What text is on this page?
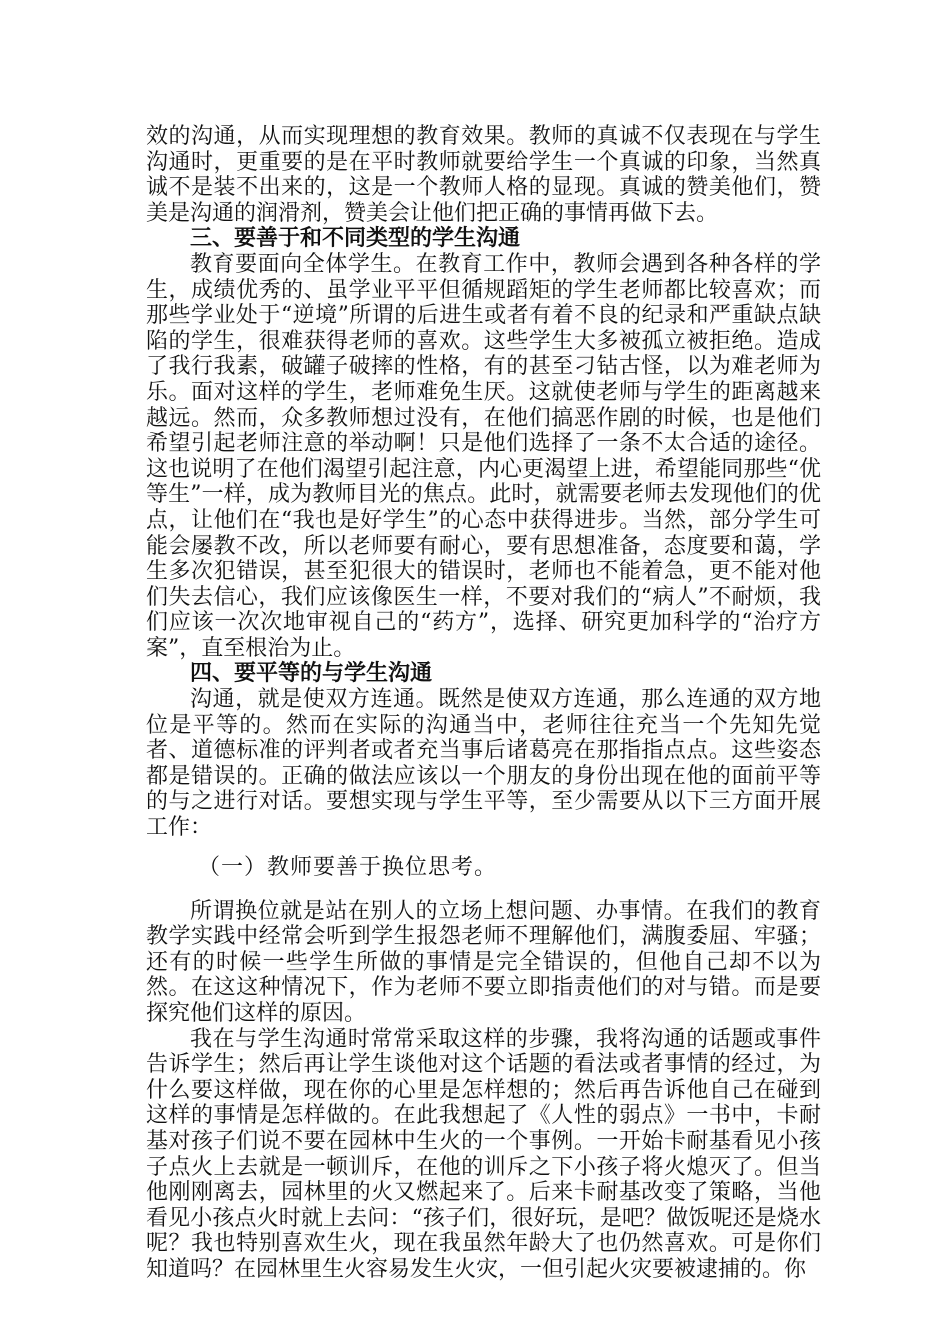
效的沟通，从而实现理想的教育效果。教师的真诚不仅表现在与学生沟通时，更重要的是在平时教师就要给学生一个真诚的印象，当然真诚不是装不出来的，这是一个教师人格的显现。真诚的赞美他们，赞美是沟通的润滑剂，赞美会让他们把正确的事情再做下去。

三、要善于和不同类型的学生沟通

教育要面向全体学生。在教育工作中，教师会遇到各种各样的学生，成绩优秀的、虽学业平平但循规蹈矩的学生老师都比较喜欢；而那些学业处于“逆境”所谓的后进生或者有着不良的纪录和严重缺点缺陷的学生，很难获得老师的喜欢。这些学生大多被孤立被拒绝。造成了我行我素，破罐子破摔的性格，有的甚至刁钻古怪，以为难老师为乐。面对这样的学生，老师难免生厌。这就使老师与学生的距离越来越远。然而，众多教师想过没有，在他们搞恶作剧的时候，也是他们希望引起老师注意的举动啊！只是他们选择了一条不太合适的途径。这也说明了在他们渴望引起注意，内心更渴望上进，希望能同那些“优等生”一样，成为教师目光的焦点。此时，就需要老师去发现他们的优点，让他们在“我也是好学生”的心态中获得进步。当然，部分学生可能会屡教不改，所以老师要有耐心，要有思想准备，态度要和蔼，学生多次犯错误，甚至犯很大的错误时，老师也不能着急，更不能对他们失去信心，我们应该像医生一样，不要对我们的“病人”不耐烦，我们应该一次次地审视自己的“药方”，选择、研究更加科学的“治疗方案”，直至根治为止。

四、要平等的与学生沟通

沟通，就是使双方连通。既然是使双方连通，那么连通的双方地位是平等的。然而在实际的沟通当中，老师往往充当一个先知先觉者、道德标准的评判者或者充当事后诸葛亮在那指指点点。这些姿态都是错误的。正确的做法应该以一个朋友的身份出现在他的面前平等的与之进行对话。要想实现与学生平等，至少需要从以下三方面开展工作：

（一）教师要善于换位思考。

所谓换位就是站在别人的立场上想问题、办事情。在我们的教育教学实践中经常会听到学生报怨老师不理解他们，满腹委屈、牢骚；还有的时候一些学生所做的事情是完全错误的，但他自己却不以为然。在这这种情况下，作为老师不要立即指责他们的对与错。而是要探究他们这样的原因。

我在与学生沟通时常常采取这样的步骤，我将沟通的话题或事件告诉学生；然后再让学生谈他对这个话题的看法或者事情的经过，为什么要这样做，现在你的心里是怎样想的；然后再告诉他自己在碰到这样的事情是怎样做的。在此我想起了《人性的弱点》一书中，卡耐基对孩子们说不要在园林中生火的一个事例。一开始卡耐基看见小孩子点火上去就是一顿训斥，在他的训斥之下小孩子将火熄灭了。但当他刚刚离去，园林里的火又燃起来了。后来卡耐基改变了策略，当他看见小孩点火时就上去问：“孩子们，很好玩，是吧？做饭呢还是烧水呢？我也特别喜欢生火，现在我虽然年龄大了也仍然喜欢。可是你们知道吗？在园林里生火容易发生火灾，一但引起火灾要被逮捕的。你
